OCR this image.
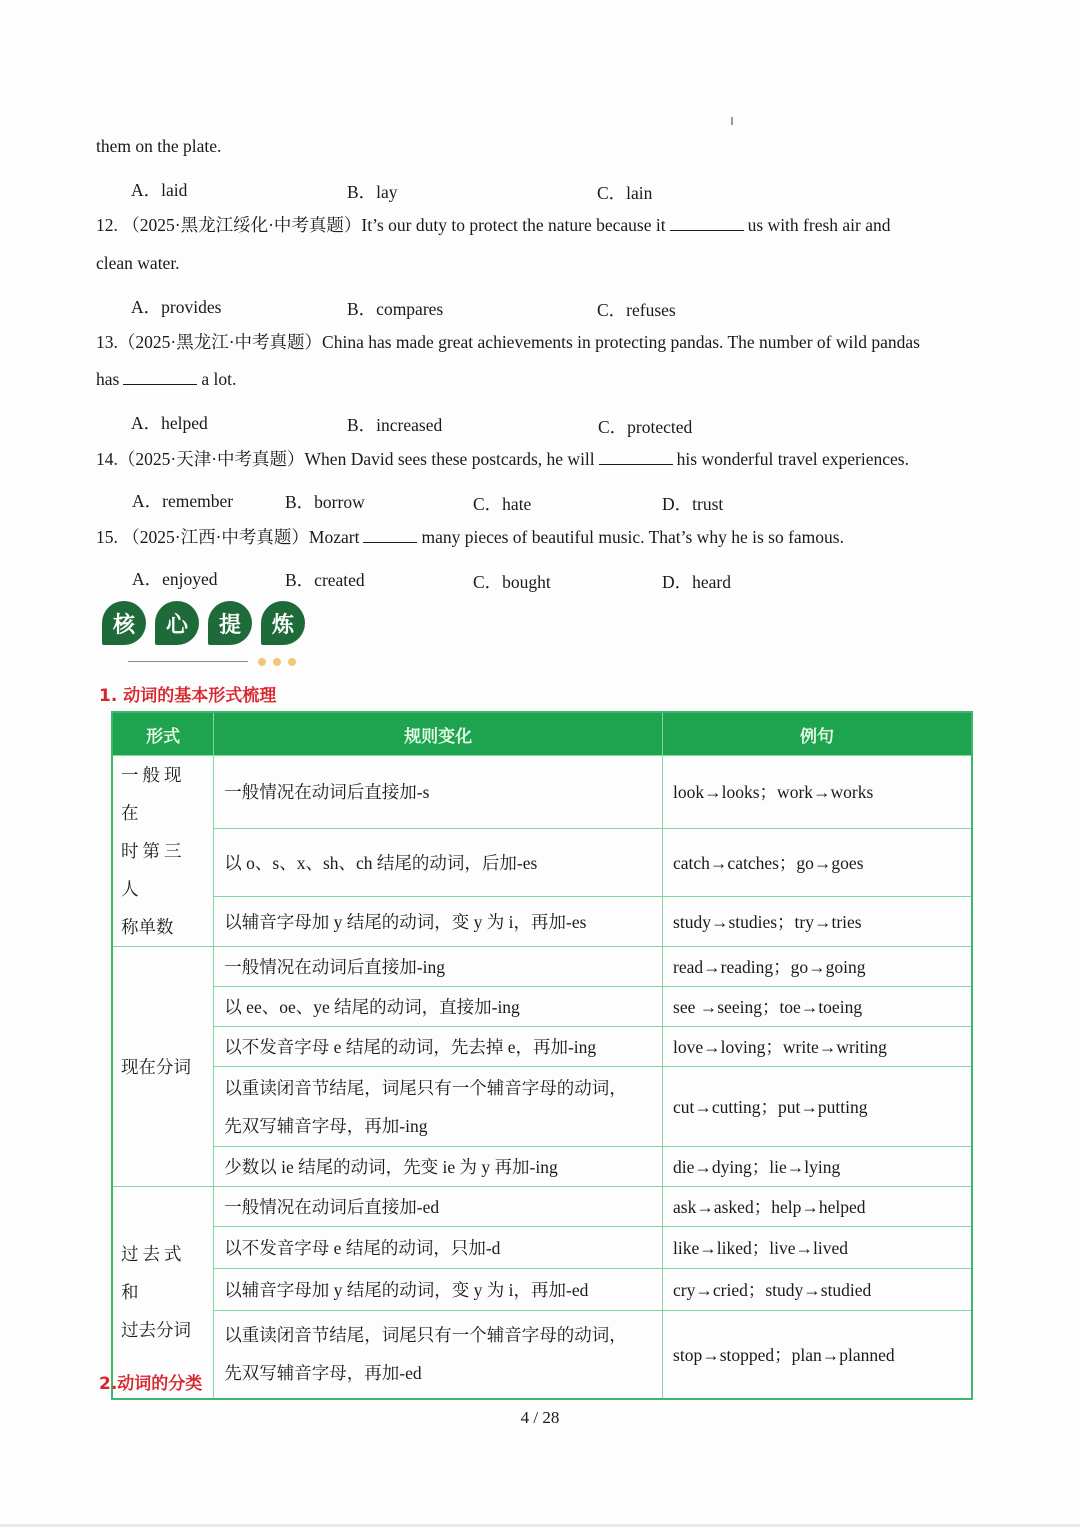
them on the plate.
A．laid	B．lay	C．lain
12. （2025·黑龙江绥化·中考真题）It’s our duty to protect the nature because it	us with fresh air and
clean water.
A．provides	B．compares	C．refuses
13.（2025·黑龙江·中考真题）China has made great achievements in protecting pandas. The number of wild pandas
has	a lot.
A．helped	B．increased	C．protected
14.（2025·天津·中考真题）When David sees these postcards, he will	his wonderful travel experiences.
A．remember	B．borrow	C．hate	D．trust
15. （2025·江西·中考真题）Mozart	many pieces of beautiful music. That’s why he is so famous.
A．enjoyed	B．created	C．bought	D．heard
核	心	提	炼
1. 动词的基本形式梳理
形式	规则变化	例句

一般现在
时第三人
称单数	一般情况在动词后直接加-s	look→looks；work→works
	以 o、s、x、sh、ch 结尾的动词，后加-es	catch→catches；go→goes
	以辅音字母加 y 结尾的动词，变 y 为 i，再加-es	study→studies；try→tries

现在分词	一般情况在动词后直接加-ing	read→reading；go→going
	以 ee、oe、ye 结尾的动词，直接加-ing	see →seeing；toe→toeing
	以不发音字母 e 结尾的动词，先去掉 e，再加-ing	love→loving；write→writing

	以重读闭音节结尾，词尾只有一个辅音字母的动词，
先双写辅音字母，再加-ing	cut→cutting；put→putting
	少数以 ie 结尾的动词，先变 ie 为 y 再加-ing	die→dying；lie→lying

过去式和
过去分词	一般情况在动词后直接加-ed	ask→asked；help→helped
	以不发音字母 e 结尾的动词，只加-d	like→liked；live→lived
	以辅音字母加 y 结尾的动词，变 y 为 i，再加-ed	cry→cried；study→studied

	以重读闭音节结尾，词尾只有一个辅音字母的动词，
先双写辅音字母，再加-ed	stop→stopped；plan→planned
2.动词的分类
4 / 28
